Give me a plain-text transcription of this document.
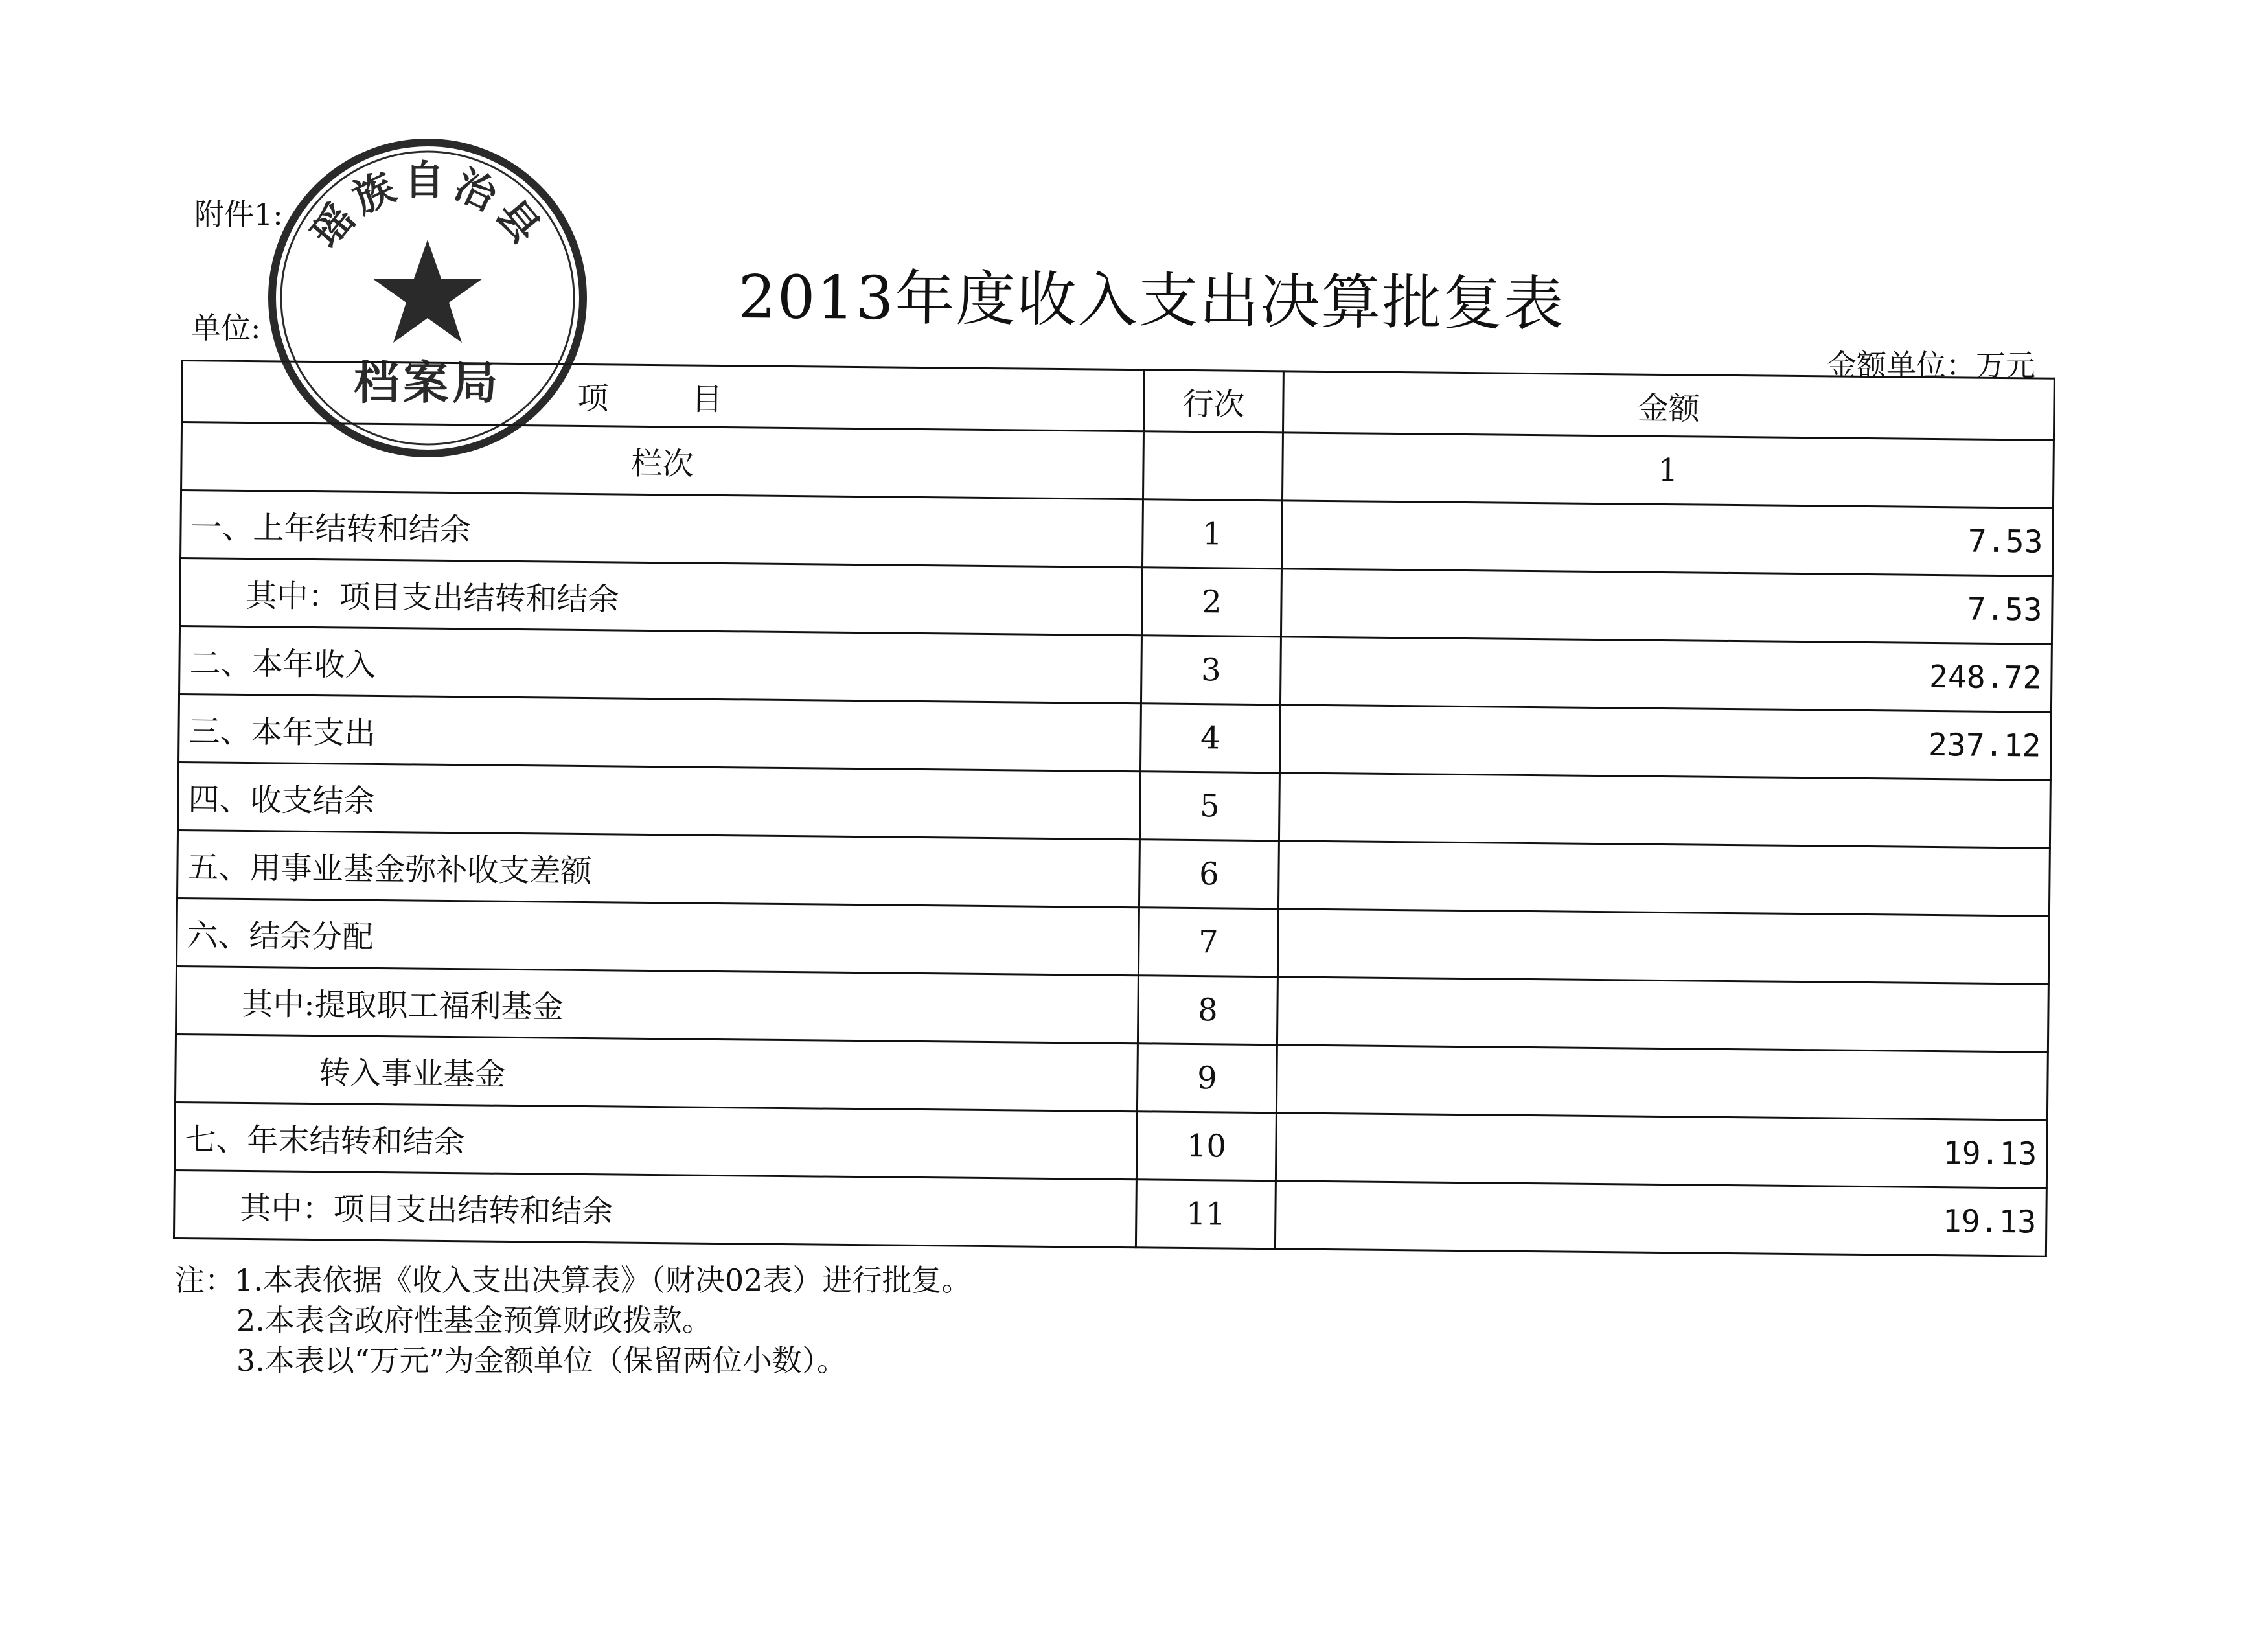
附件1:
2013年度收入支出决算批复表
单位:
金额单位：万元
项　目	行次	金额
栏次		1
一、上年结转和结余	1	7.53
其中：项目支出结转和结余	2	7.53
二、本年收入	3	248.72
三、本年支出	4	237.12
四、收支结余	5	
五、用事业基金弥补收支差额	6	
六、结余分配	7	
其中:提取职工福利基金	8	
转入事业基金	9	
七、年末结转和结余	10	19.13
其中：项目支出结转和结余	11	19.13
注：1.本表依据《收入支出决算表》（财决02表）进行批复。
2.本表含政府性基金预算财政拨款。
3.本表以“万元”为金额单位（保留两位小数）。
瑶族自治县
档案局
